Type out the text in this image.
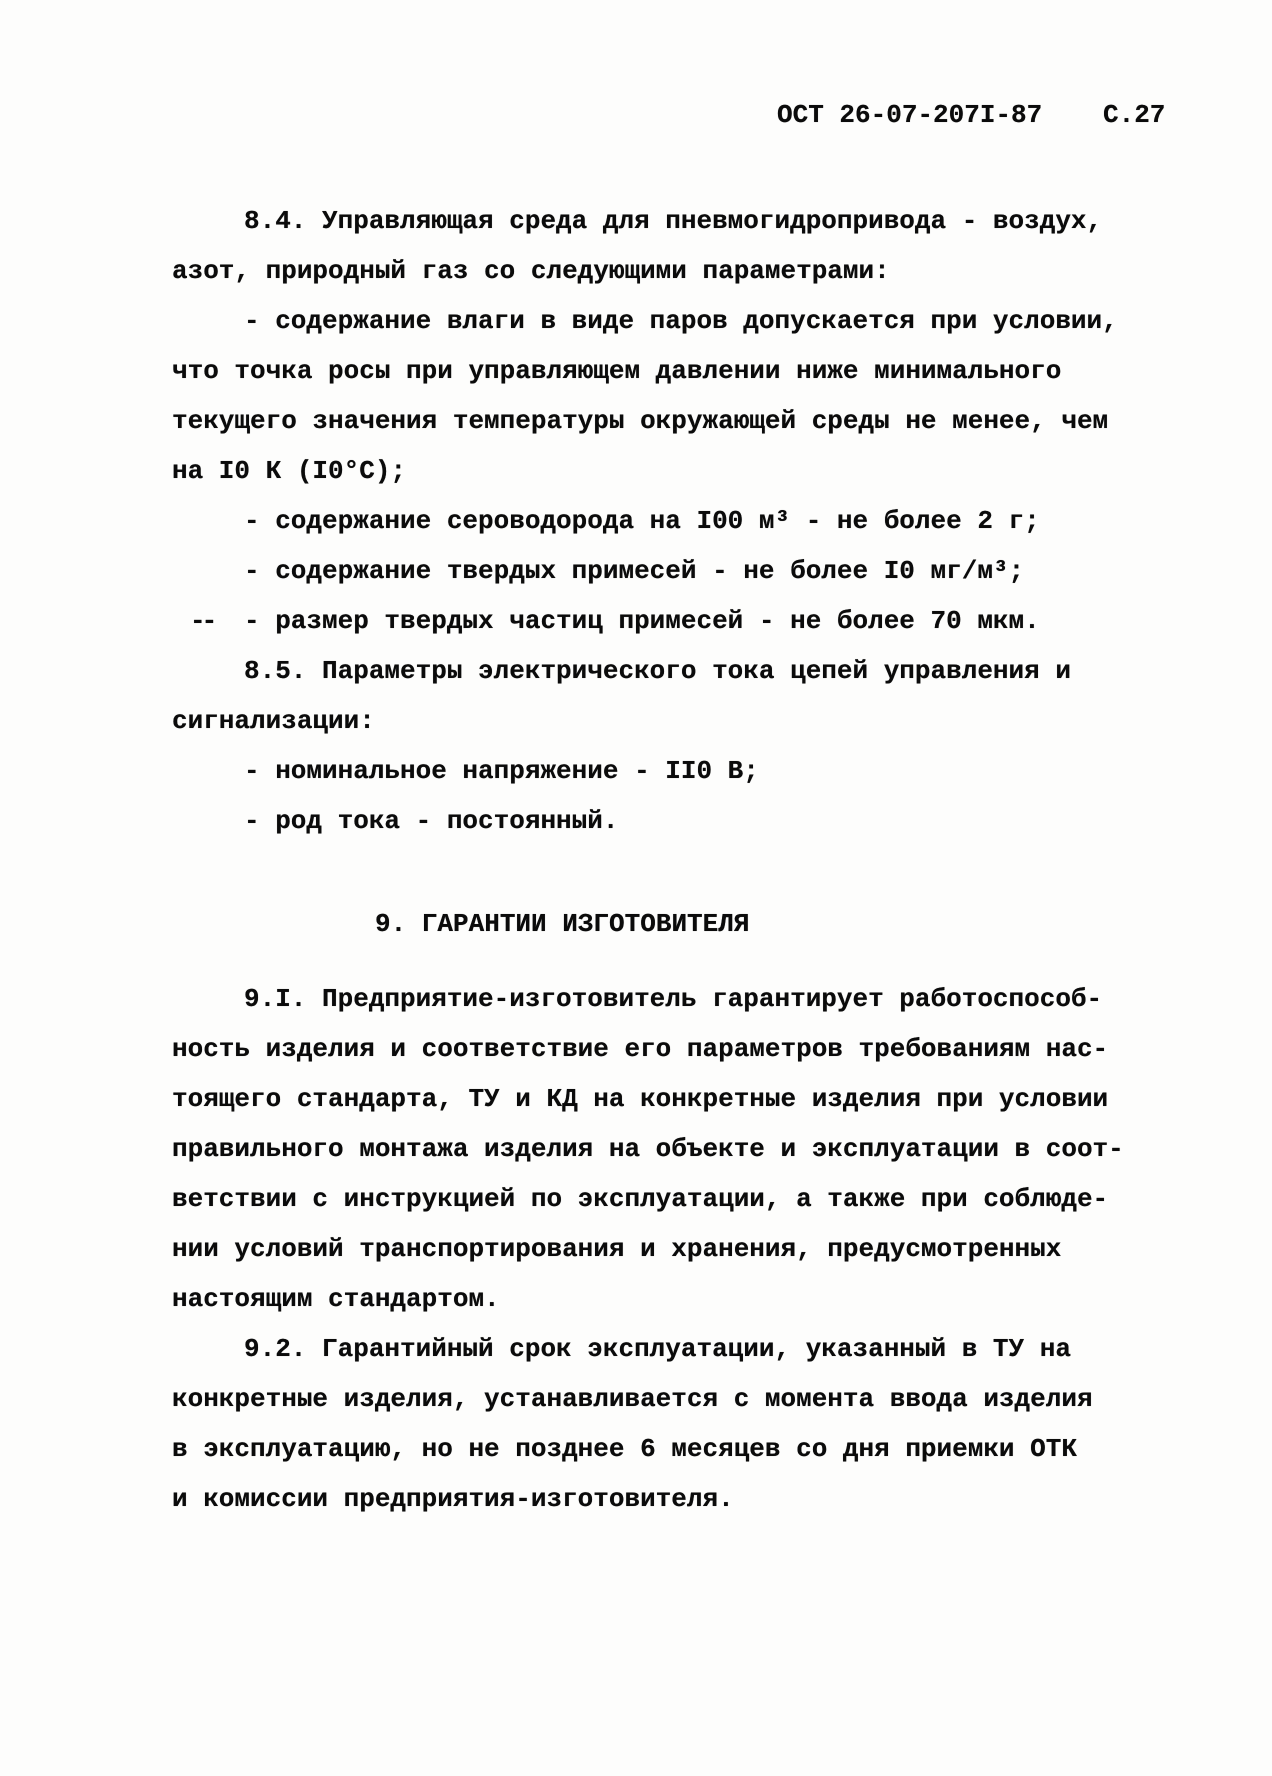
ОСТ 26-07-207I-87 С.27
--
8.4. Управляющая среда для пневмогидропривода - воздух,
азот, природный газ со следующими параметрами:
- содержание влаги в виде паров допускается при условии,
что точка росы при управляющем давлении ниже минимального
текущего значения температуры окружающей среды не менее, чем
на I0 К (I0°С);
- содержание сероводорода на I00 м³ - не более 2 г;
- содержание твердых примесей - не более I0 мг/м³;
- размер твердых частиц примесей - не более 70 мкм.
8.5. Параметры электрического тока цепей управления и
сигнализации:
- номинальное напряжение - II0 В;
- род тока - постоянный.
9. ГАРАНТИИ ИЗГОТОВИТЕЛЯ
9.I. Предприятие-изготовитель гарантирует работоспособ-
ность изделия и соответствие его параметров требованиям нас-
тоящего стандарта, ТУ и КД на конкретные изделия при условии
правильного монтажа изделия на объекте и эксплуатации в соот-
ветствии с инструкцией по эксплуатации, а также при соблюде-
нии условий транспортирования и хранения, предусмотренных
настоящим стандартом.
9.2. Гарантийный срок эксплуатации, указанный в ТУ на
конкретные изделия, устанавливается с момента ввода изделия
в эксплуатацию, но не позднее 6 месяцев со дня приемки ОТК
и комиссии предприятия-изготовителя.
